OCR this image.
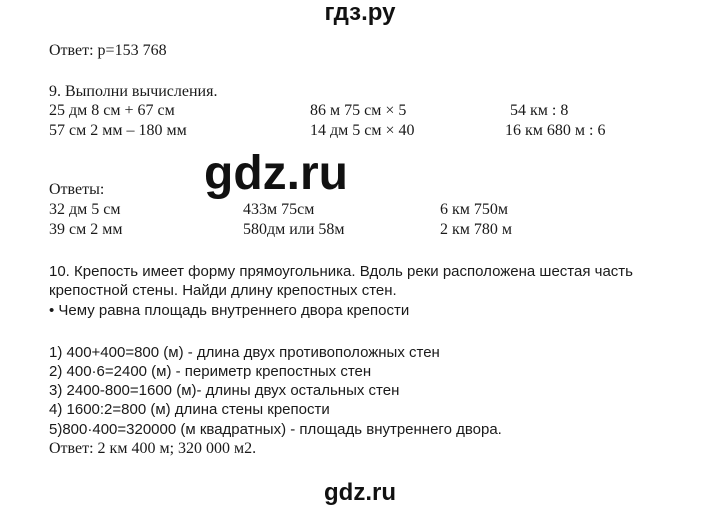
гдз.ру
Ответ: р=153 768
9. Выполни вычисления.
25 дм 8 см + 67 см	86 м 75 см × 5	54 км : 8
57 см 2 мм – 180 мм	14 дм 5 см × 40	16 км 680 м : 6
gdz.ru
Ответы:
32 дм 5 см	433м 75см	6 км 750м
39 см 2 мм	580дм или 58м	2 км 780 м
10. Крепость имеет форму прямоугольника. Вдоль реки расположена шестая часть
крепостной стены. Найди длину крепостных стен.
• Чему равна площадь внутреннего двора крепости
1) 400+400=800 (м) - длина двух противоположных стен
2) 400·6=2400 (м) - периметр крепостных стен
3) 2400-800=1600 (м)- длины двух остальных стен
4) 1600:2=800 (м) длина стены крепости
5)800·400=320000 (м квадратных) - площадь внутреннего двора.
Ответ: 2 км 400 м; 320 000 м2.
gdz.ru
